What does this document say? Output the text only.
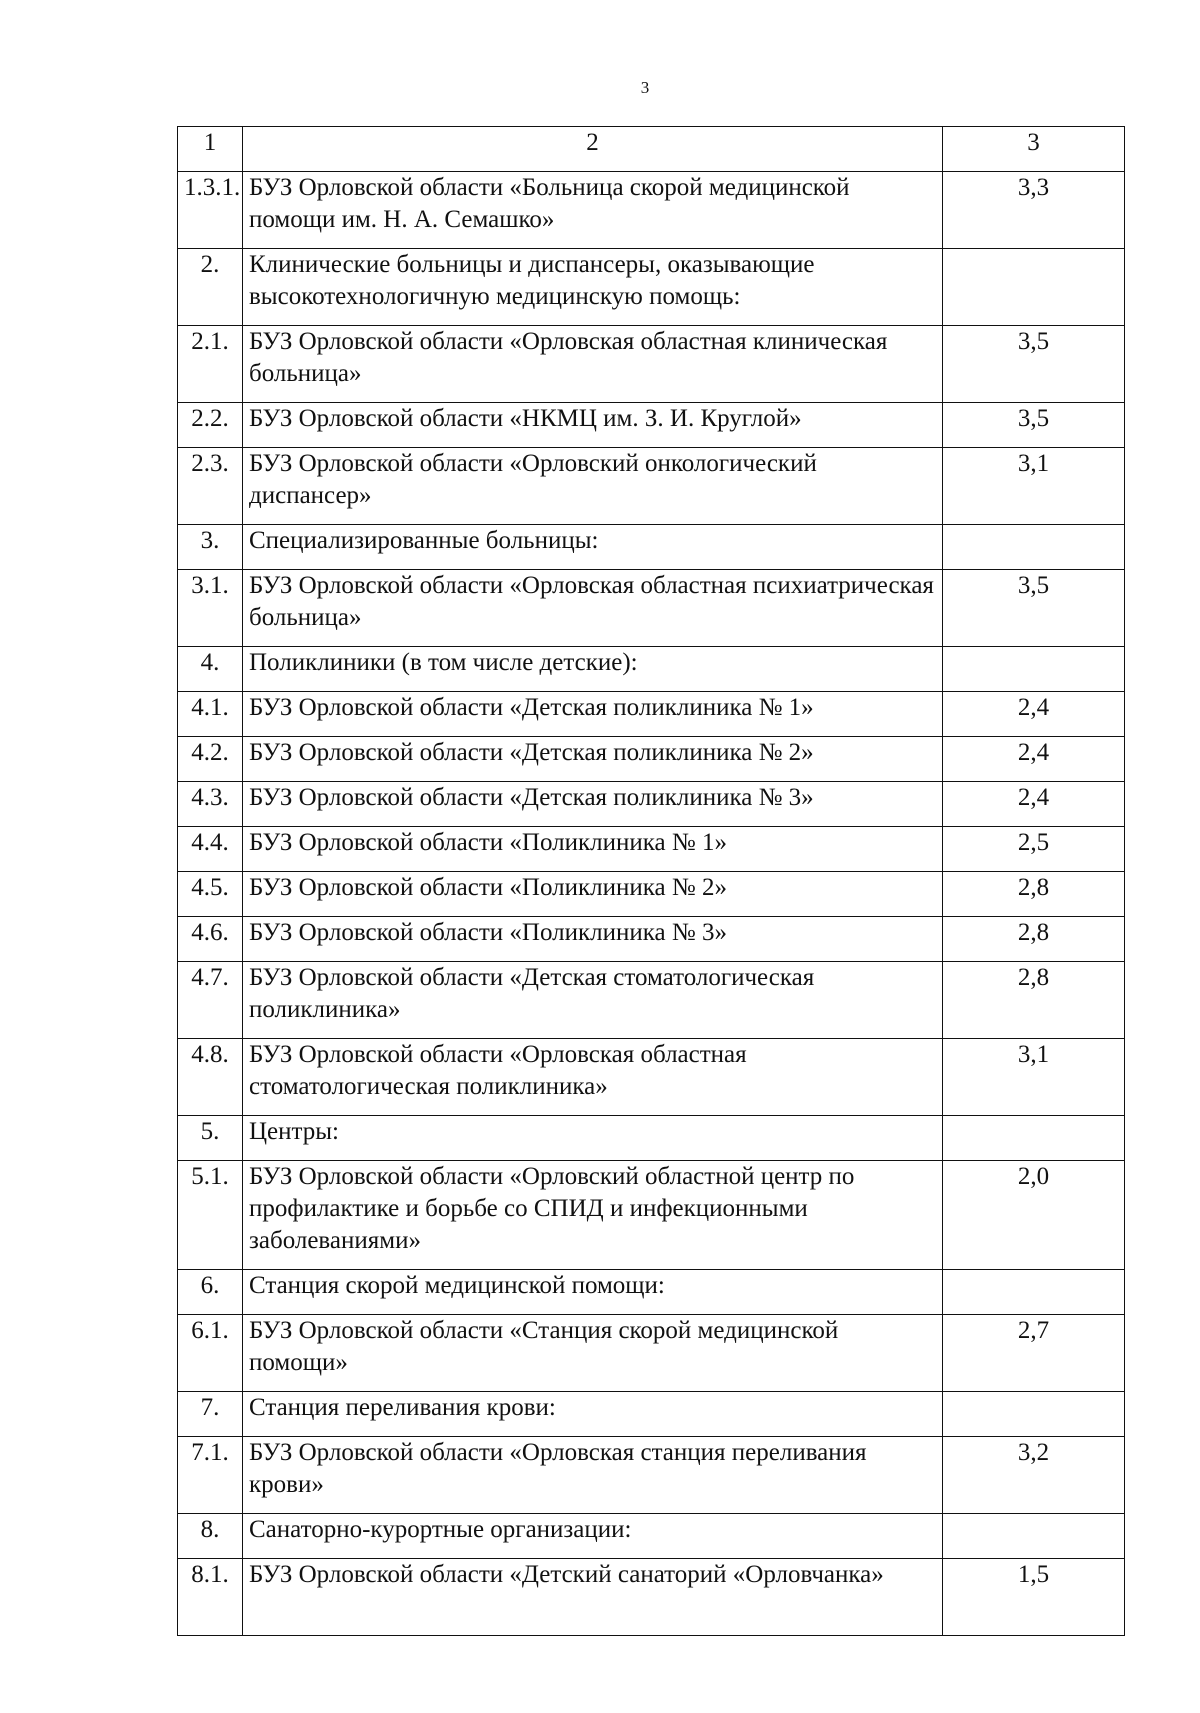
3
1	2	3
1.3.1.	БУЗ Орловской области «Больница скорой медицинской помощи им. Н. А. Семашко»	3,3
2.	Клинические больницы и диспансеры, оказывающие высокотехнологичную медицинскую помощь:	
2.1.	БУЗ Орловской области «Орловская областная клиническая больница»	3,5
2.2.	БУЗ Орловской области «НКМЦ им. З. И. Круглой»	3,5
2.3.	БУЗ Орловской области «Орловский онкологический диспансер»	3,1
3.	Специализированные больницы:	
3.1.	БУЗ Орловской области «Орловская областная психиатрическая больница»	3,5
4.	Поликлиники (в том числе детские):	
4.1.	БУЗ Орловской области «Детская поликлиника № 1»	2,4
4.2.	БУЗ Орловской области «Детская поликлиника № 2»	2,4
4.3.	БУЗ Орловской области «Детская поликлиника № 3»	2,4
4.4.	БУЗ Орловской области «Поликлиника № 1»	2,5
4.5.	БУЗ Орловской области «Поликлиника № 2»	2,8
4.6.	БУЗ Орловской области «Поликлиника № 3»	2,8
4.7.	БУЗ Орловской области «Детская стоматологическая поликлиника»	2,8
4.8.	БУЗ Орловской области «Орловская областная стоматологическая поликлиника»	3,1
5.	Центры:	
5.1.	БУЗ Орловской области «Орловский областной центр по профилактике и борьбе со СПИД и инфекционными заболеваниями»	2,0
6.	Станция скорой медицинской помощи:	
6.1.	БУЗ Орловской области «Станция скорой медицинской помощи»	2,7
7.	Станция переливания крови:	
7.1.	БУЗ Орловской области «Орловская станция переливания крови»	3,2
8.	Санаторно-курортные организации:	
8.1.	БУЗ Орловской области «Детский санаторий «Орловчанка»	1,5
